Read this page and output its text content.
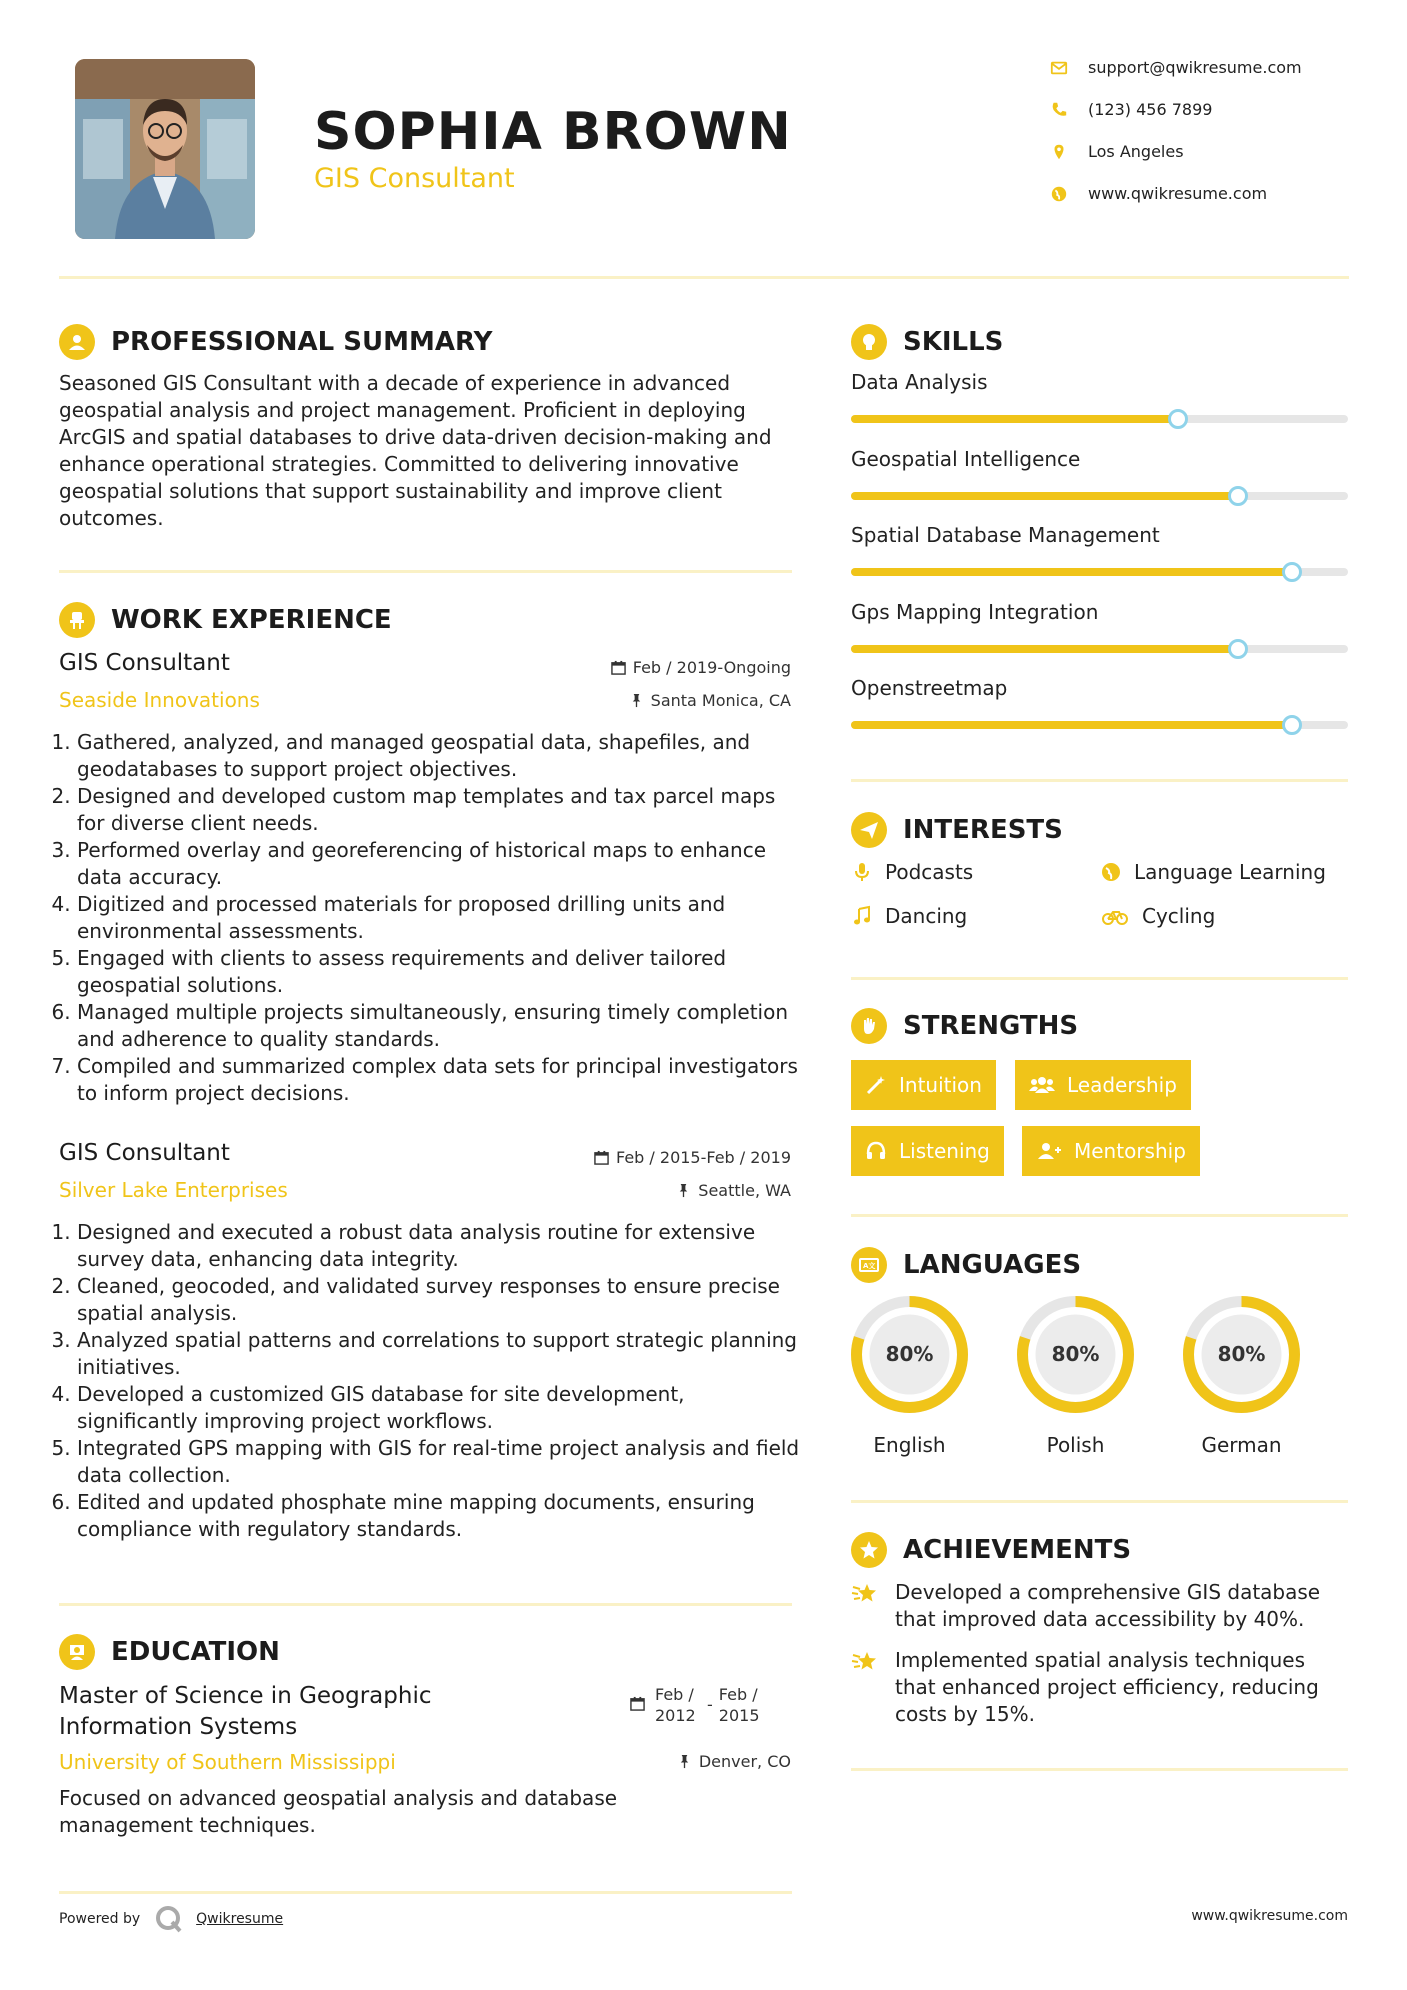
SOPHIA BROWN
GIS Consultant
support@qwikresume.com
(123) 456 7899
Los Angeles
www.qwikresume.com
PROFESSIONAL SUMMARY
Seasoned GIS Consultant with a decade of experience in advanced geospatial analysis and project management. Proficient in deploying ArcGIS and spatial databases to drive data-driven decision-making and enhance operational strategies. Committed to delivering innovative geospatial solutions that support sustainability and improve client outcomes.
WORK EXPERIENCE
GIS Consultant
Seaside Innovations
Feb / 2019-Ongoing
Santa Monica, CA
1. Gathered, analyzed, and managed geospatial data, shapefiles, and geodatabases to support project objectives.
2. Designed and developed custom map templates and tax parcel maps for diverse client needs.
3. Performed overlay and georeferencing of historical maps to enhance data accuracy.
4. Digitized and processed materials for proposed drilling units and environmental assessments.
5. Engaged with clients to assess requirements and deliver tailored geospatial solutions.
6. Managed multiple projects simultaneously, ensuring timely completion and adherence to quality standards.
7. Compiled and summarized complex data sets for principal investigators to inform project decisions.
GIS Consultant
Silver Lake Enterprises
Feb / 2015-Feb / 2019
Seattle, WA
1. Designed and executed a robust data analysis routine for extensive survey data, enhancing data integrity.
2. Cleaned, geocoded, and validated survey responses to ensure precise spatial analysis.
3. Analyzed spatial patterns and correlations to support strategic planning initiatives.
4. Developed a customized GIS database for site development, significantly improving project workflows.
5. Integrated GPS mapping with GIS for real-time project analysis and field data collection.
6. Edited and updated phosphate mine mapping documents, ensuring compliance with regulatory standards.
EDUCATION
Master of Science in Geographic Information Systems
University of Southern Mississippi
Feb / 2012
-
Feb / 2015
Denver, CO
Focused on advanced geospatial analysis and database management techniques.
SKILLS
Data Analysis
Geospatial Intelligence
Spatial Database Management
Gps Mapping Integration
Openstreetmap
INTERESTS
Podcasts	Language Learning
Dancing	Cycling
STRENGTHS
Intuition	Leadership
Listening	Mentorship
A文 LANGUAGES
80%
English
80%
Polish
80%
German
ACHIEVEMENTS
Developed a comprehensive GIS database that improved data accessibility by 40%.
Implemented spatial analysis techniques that enhanced project efficiency, reducing costs by 15%.
Powered by	Qwikresume	www.qwikresume.com
